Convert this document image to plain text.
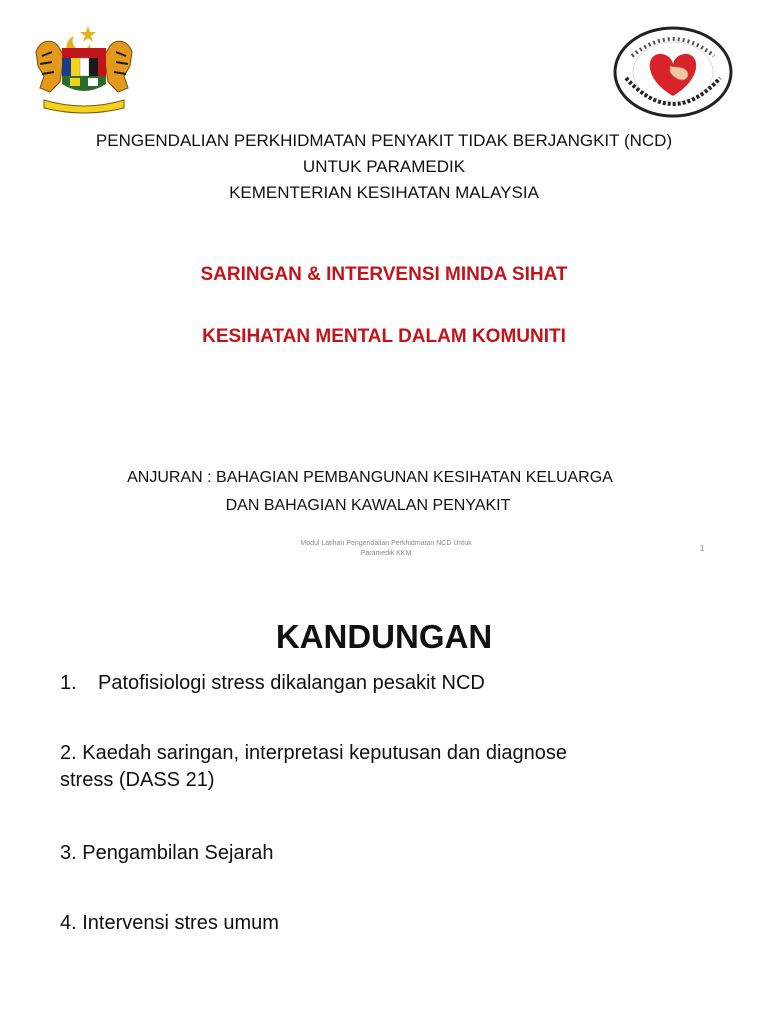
PENGENDALIAN PERKHIDMATAN PENYAKIT TIDAK BERJANGKIT (NCD)
UNTUK PARAMEDIK
KEMENTERIAN KESIHATAN MALAYSIA
SARINGAN & INTERVENSI MINDA SIHAT
KESIHATAN MENTAL DALAM KOMUNITI
ANJURAN : BAHAGIAN PEMBANGUNAN KESIHATAN KELUARGA
DAN BAHAGIAN KAWALAN PENYAKIT
Modul Latihan Pengendalian Perkhidmatan NCD Untuk
Paramedik KKM
1
KANDUNGAN
1. Patofisiologi stress dikalangan pesakit NCD
2. Kaedah saringan, interpretasi keputusan dan diagnose
stress (DASS 21)
3. Pengambilan Sejarah
4. Intervensi stres umum
